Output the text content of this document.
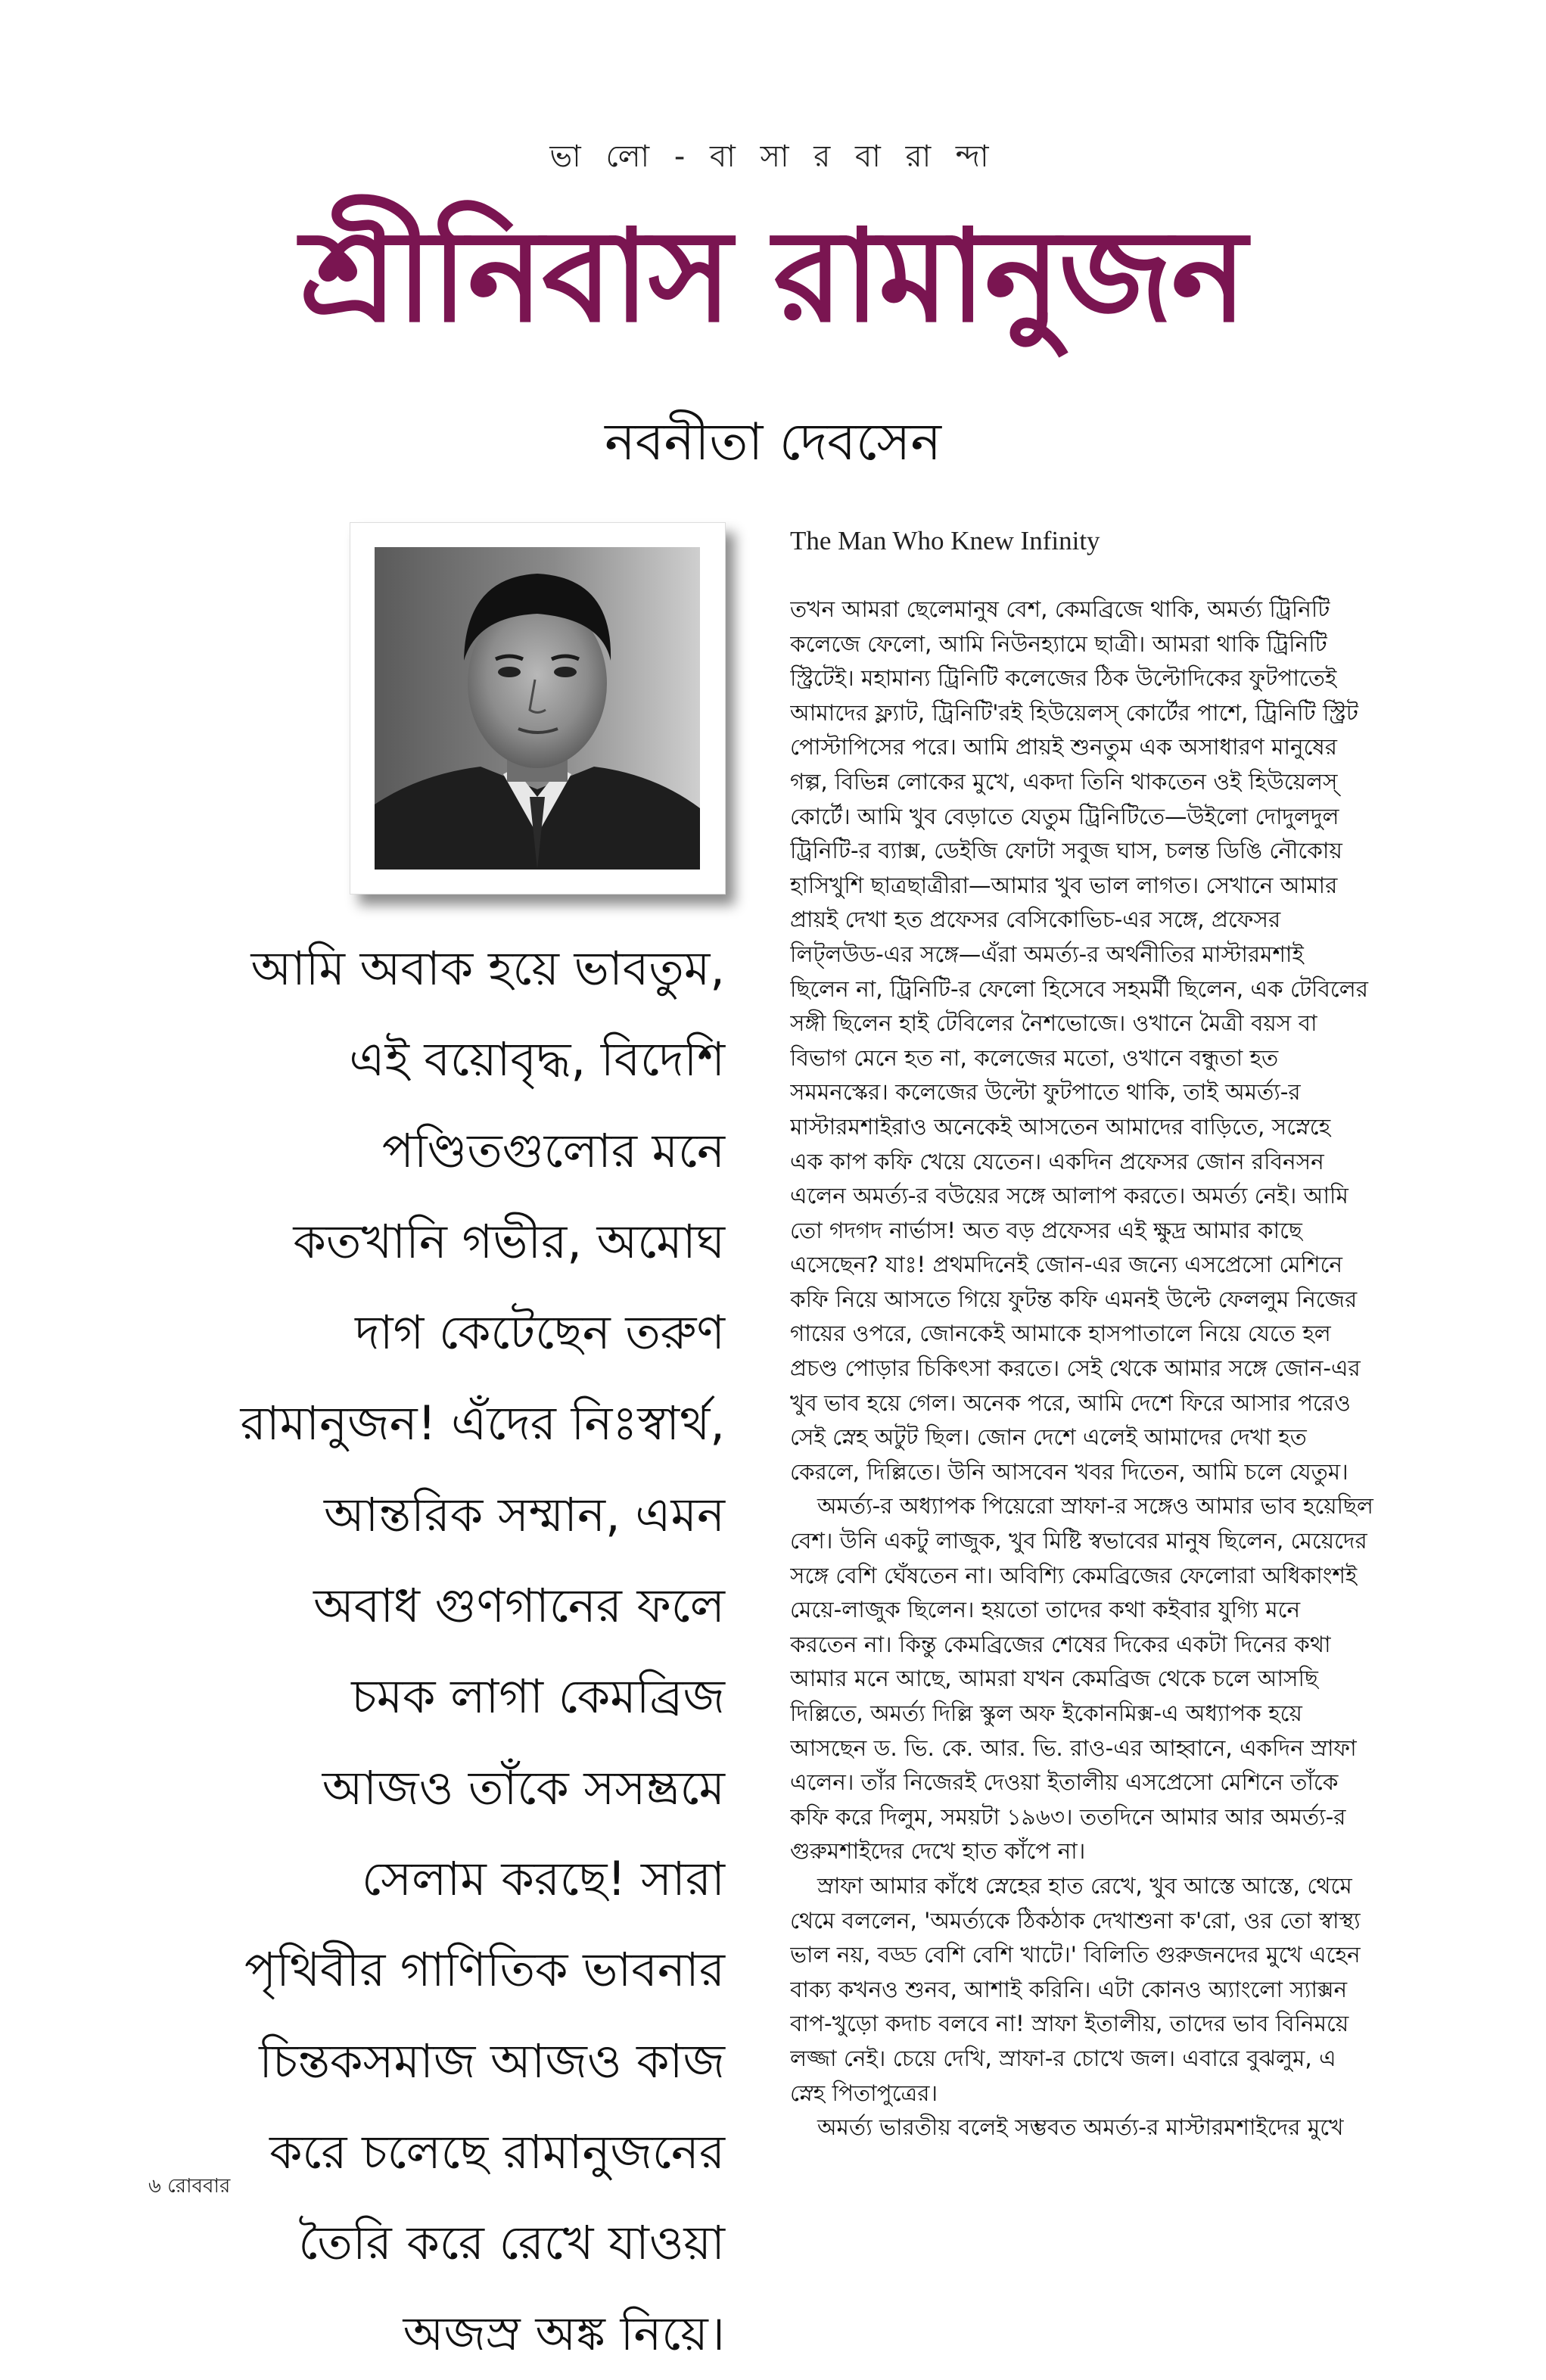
ভা লো - বা সা র বা রা ন্দা
শ্রীনিবাস রামানুজন
নবনীতা দেবসেন
আমি অবাক হয়ে ভাবতুম,
এই বয়োবৃদ্ধ, বিদেশি
পণ্ডিতগুলোর মনে
কতখানি গভীর, অমোঘ
দাগ কেটেছেন তরুণ
রামানুজন! এঁদের নিঃস্বার্থ,
আন্তরিক সম্মান, এমন
অবাধ গুণগানের ফলে
চমক লাগা কেমব্রিজ
আজও তাঁকে সসম্ভ্রমে
সেলাম করছে! সারা
পৃথিবীর গাণিতিক ভাবনার
চিন্তকসমাজ আজও কাজ
করে চলেছে রামানুজনের
তৈরি করে রেখে যাওয়া
অজস্র অঙ্ক নিয়ে।
The Man Who Knew Infinity
তখন আমরা ছেলেমানুষ বেশ, কেমব্রিজে থাকি, অমর্ত্য ট্রিনিটি
কলেজে ফেলো, আমি নিউনহ্যামে ছাত্রী। আমরা থাকি ট্রিনিটি
স্ট্রিটেই। মহামান্য ট্রিনিটি কলেজের ঠিক উল্টোদিকের ফুটপাতেই
আমাদের ফ্ল্যাট, ট্রিনিটি'রই হিউয়েলস্ কোর্টের পাশে, ট্রিনিটি স্ট্রিট
পোস্টাপিসের পরে। আমি প্রায়ই শুনতুম এক অসাধারণ মানুষের
গল্প, বিভিন্ন লোকের মুখে, একদা তিনি থাকতেন ওই হিউয়েলস্
কোর্টে। আমি খুব বেড়াতে যেতুম ট্রিনিটিতে—উইলো দোদুলদুল
ট্রিনিটি-র ব্যাক্স, ডেইজি ফোটা সবুজ ঘাস, চলন্ত ডিঙি নৌকোয়
হাসিখুশি ছাত্রছাত্রীরা—আমার খুব ভাল লাগত। সেখানে আমার
প্রায়ই দেখা হত প্রফেসর বেসিকোভিচ-এর সঙ্গে, প্রফেসর
লিট্‌লউড-এর সঙ্গে—এঁরা অমর্ত্য-র অর্থনীতির মাস্টারমশাই
ছিলেন না, ট্রিনিটি-র ফেলো হিসেবে সহমর্মী ছিলেন, এক টেবিলের
সঙ্গী ছিলেন হাই টেবিলের নৈশভোজে। ওখানে মৈত্রী বয়স বা
বিভাগ মেনে হত না, কলেজের মতো, ওখানে বন্ধুতা হত
সমমনস্কের। কলেজের উল্টো ফুটপাতে থাকি, তাই অমর্ত্য-র
মাস্টারমশাইরাও অনেকেই আসতেন আমাদের বাড়িতে, সস্নেহে
এক কাপ কফি খেয়ে যেতেন। একদিন প্রফেসর জোন রবিনসন
এলেন অমর্ত্য-র বউয়ের সঙ্গে আলাপ করতে। অমর্ত্য নেই। আমি
তো গদগদ নার্ভাস! অত বড় প্রফেসর এই ক্ষুদ্র আমার কাছে
এসেছেন? যাঃ! প্রথমদিনেই জোন-এর জন্যে এসপ্রেসো মেশিনে
কফি নিয়ে আসতে গিয়ে ফুটন্ত কফি এমনই উল্টে ফেললুম নিজের
গায়ের ওপরে, জোনকেই আমাকে হাসপাতালে নিয়ে যেতে হল
প্রচণ্ড পোড়ার চিকিৎসা করতে। সেই থেকে আমার সঙ্গে জোন-এর
খুব ভাব হয়ে গেল। অনেক পরে, আমি দেশে ফিরে আসার পরেও
সেই স্নেহ অটুট ছিল। জোন দেশে এলেই আমাদের দেখা হত
কেরলে, দিল্লিতে। উনি আসবেন খবর দিতেন, আমি চলে যেতুম।
অমর্ত্য-র অধ্যাপক পিয়েরো স্রাফা-র সঙ্গেও আমার ভাব হয়েছিল
বেশ। উনি একটু লাজুক, খুব মিষ্টি স্বভাবের মানুষ ছিলেন, মেয়েদের
সঙ্গে বেশি ঘেঁষতেন না। অবিশ্যি কেমব্রিজের ফেলোরা অধিকাংশই
মেয়ে-লাজুক ছিলেন। হয়তো তাদের কথা কইবার যুগ্যি মনে
করতেন না। কিন্তু কেমব্রিজের শেষের দিকের একটা দিনের কথা
আমার মনে আছে, আমরা যখন কেমব্রিজ থেকে চলে আসছি
দিল্লিতে, অমর্ত্য দিল্লি স্কুল অফ ইকোনমিক্স-এ অধ্যাপক হয়ে
আসছেন ড. ভি. কে. আর. ভি. রাও-এর আহ্বানে, একদিন স্রাফা
এলেন। তাঁর নিজেরই দেওয়া ইতালীয় এসপ্রেসো মেশিনে তাঁকে
কফি করে দিলুম, সময়টা ১৯৬৩। ততদিনে আমার আর অমর্ত্য-র
গুরুমশাইদের দেখে হাত কাঁপে না।
স্রাফা আমার কাঁধে স্নেহের হাত রেখে, খুব আস্তে আস্তে, থেমে
থেমে বললেন, 'অমর্ত্যকে ঠিকঠাক দেখাশুনা ক'রো, ওর তো স্বাস্থ্য
ভাল নয়, বড্ড বেশি বেশি খাটে।' বিলিতি গুরুজনদের মুখে এহেন
বাক্য কখনও শুনব, আশাই করিনি। এটা কোনও অ্যাংলো স্যাক্সন
বাপ-খুড়ো কদাচ বলবে না! স্রাফা ইতালীয়, তাদের ভাব বিনিময়ে
লজ্জা নেই। চেয়ে দেখি, স্রাফা-র চোখে জল। এবারে বুঝলুম, এ
স্নেহ পিতাপুত্রের।
অমর্ত্য ভারতীয় বলেই সম্ভবত অমর্ত্য-র মাস্টারমশাইদের মুখে
৬ রোববার
